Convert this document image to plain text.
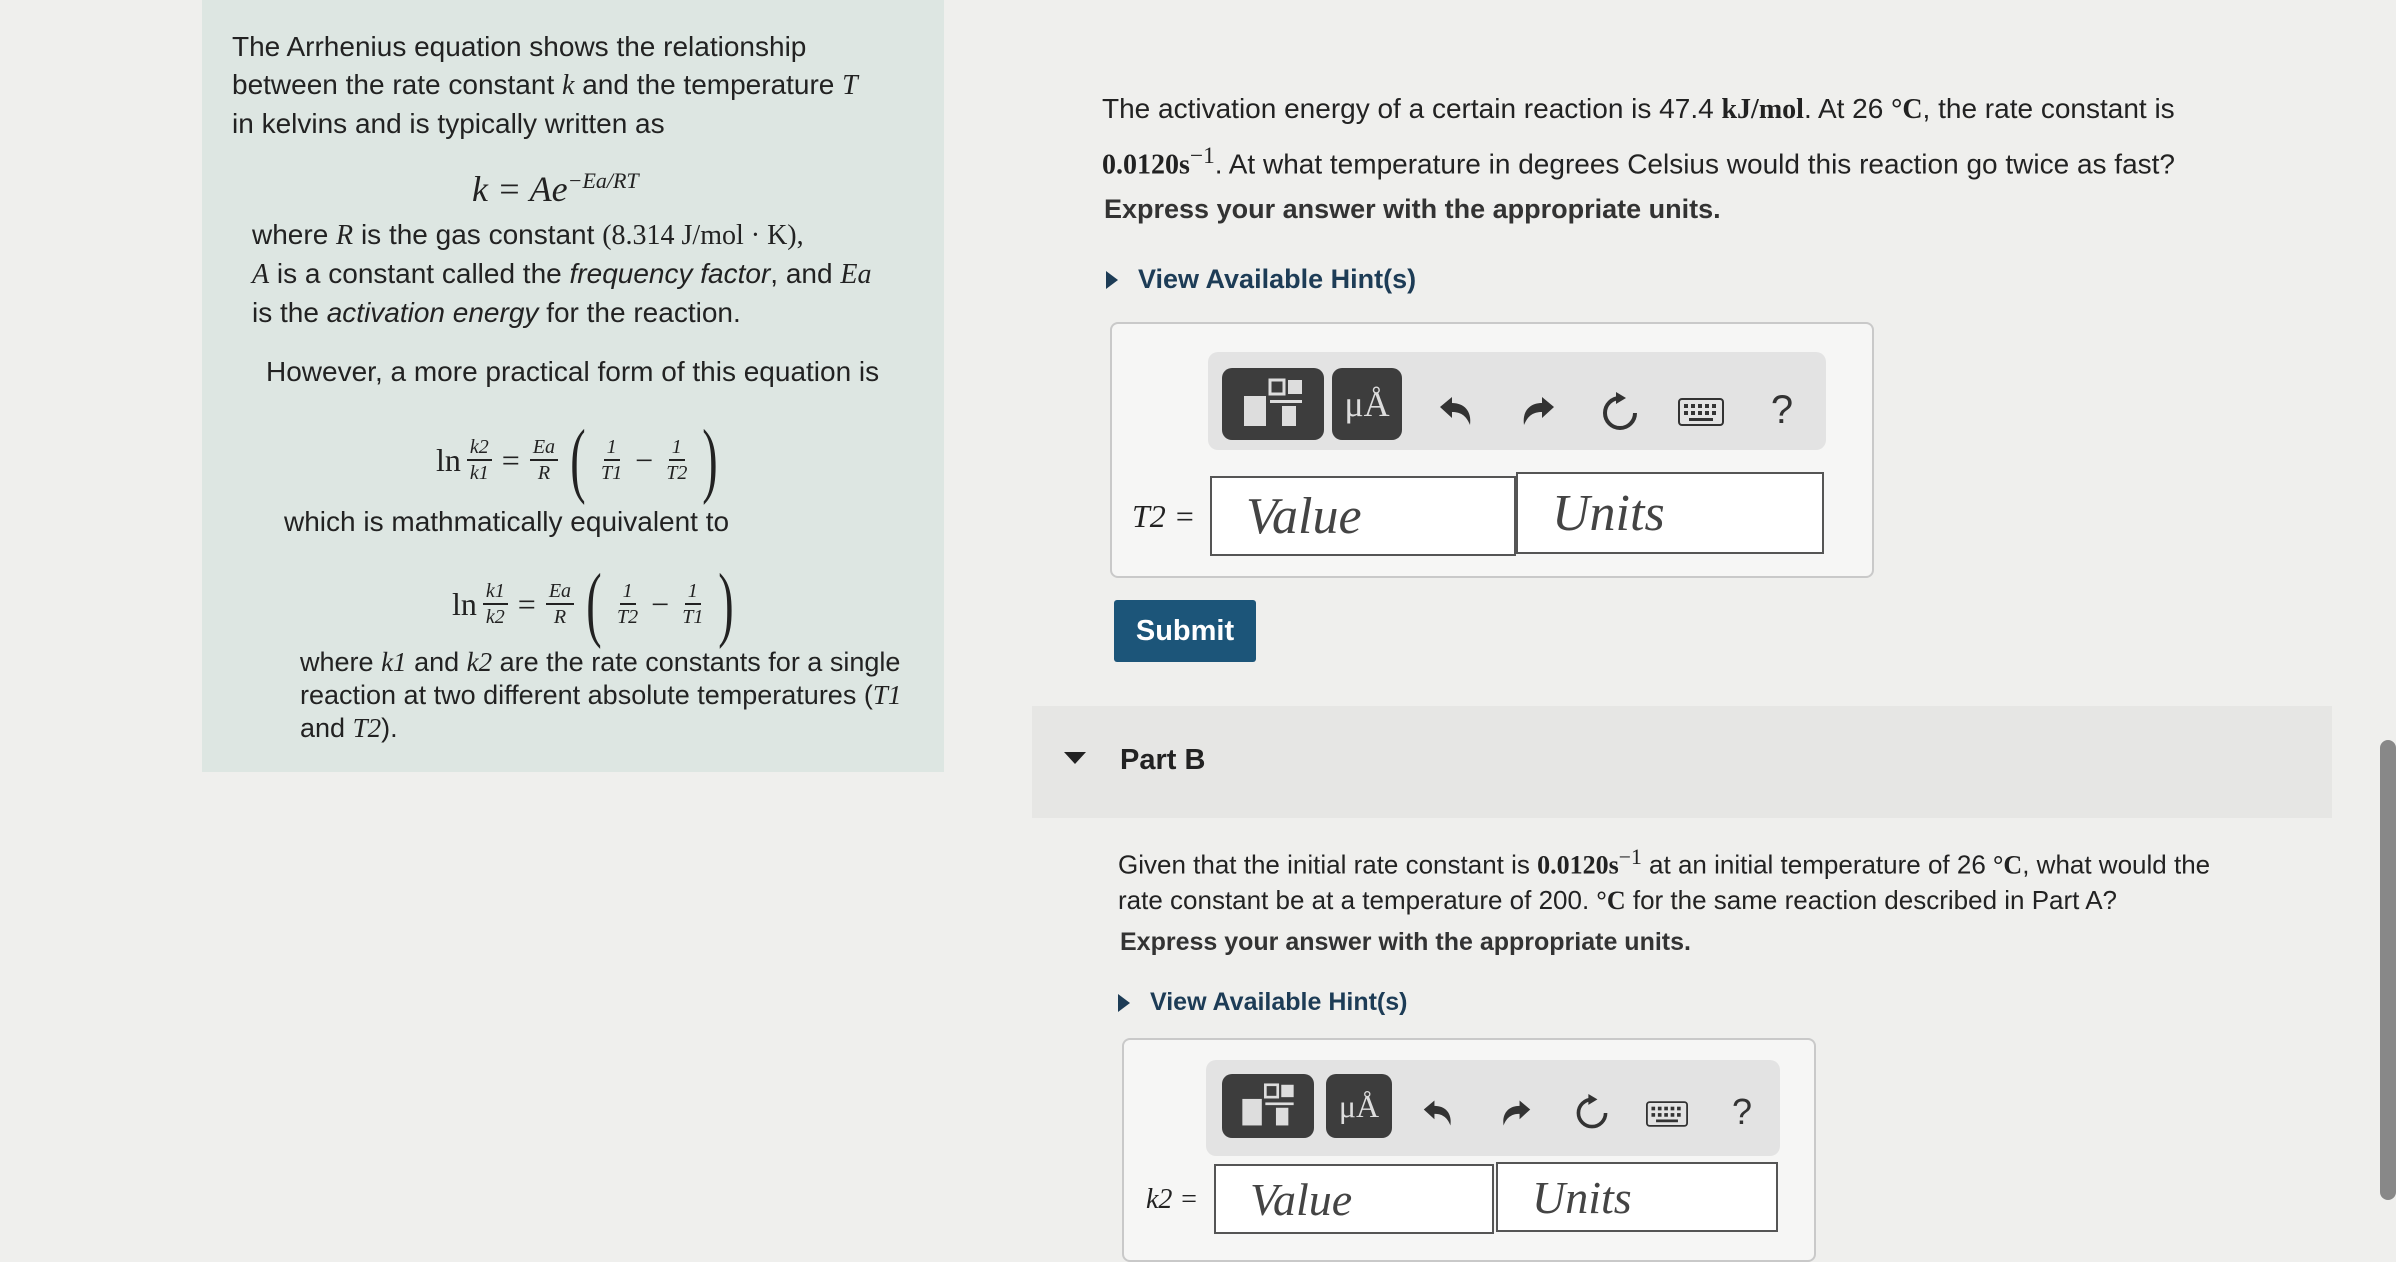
The Arrhenius equation shows the relationship
between the rate constant k and the temperature T
in kelvins and is typically written as
$k = Ae^{-Ea/RT}$
where R is the gas constant (8.314 J/mol · K),
A is a constant called the frequency factor, and Ea
is the activation energy for the reaction.
However, a more practical form of this equation is
$\ln \frac{k2}{k1} = \frac{Ea}{R}$ ( $\frac{1}{T1} - \frac{1}{T2}$ )
which is mathmatically equivalent to
$\ln \frac{k1}{k2} = \frac{Ea}{R}$ ( $\frac{1}{T2} - \frac{1}{T1}$ )
where k1 and k2 are the rate constants for a single
reaction at two different absolute temperatures (T1
and T2).
The activation energy of a certain reaction is 47.4 kJ/mol. At 26 °C, the rate constant is
$0.0120s^{-1}$. At what temperature in degrees Celsius would this reaction go twice as fast?
Express your answer with the appropriate units.
View Available Hint(s)
μÅ	?
T2 = Value	Units
Submit
Part B
Given that the initial rate constant is $0.0120s^{-1}$ at an initial temperature of 26 °C, what would the
rate constant be at a temperature of 200. °C for the same reaction described in Part A?
Express your answer with the appropriate units.
View Available Hint(s)
μÅ	?
k2 = Value	Units
